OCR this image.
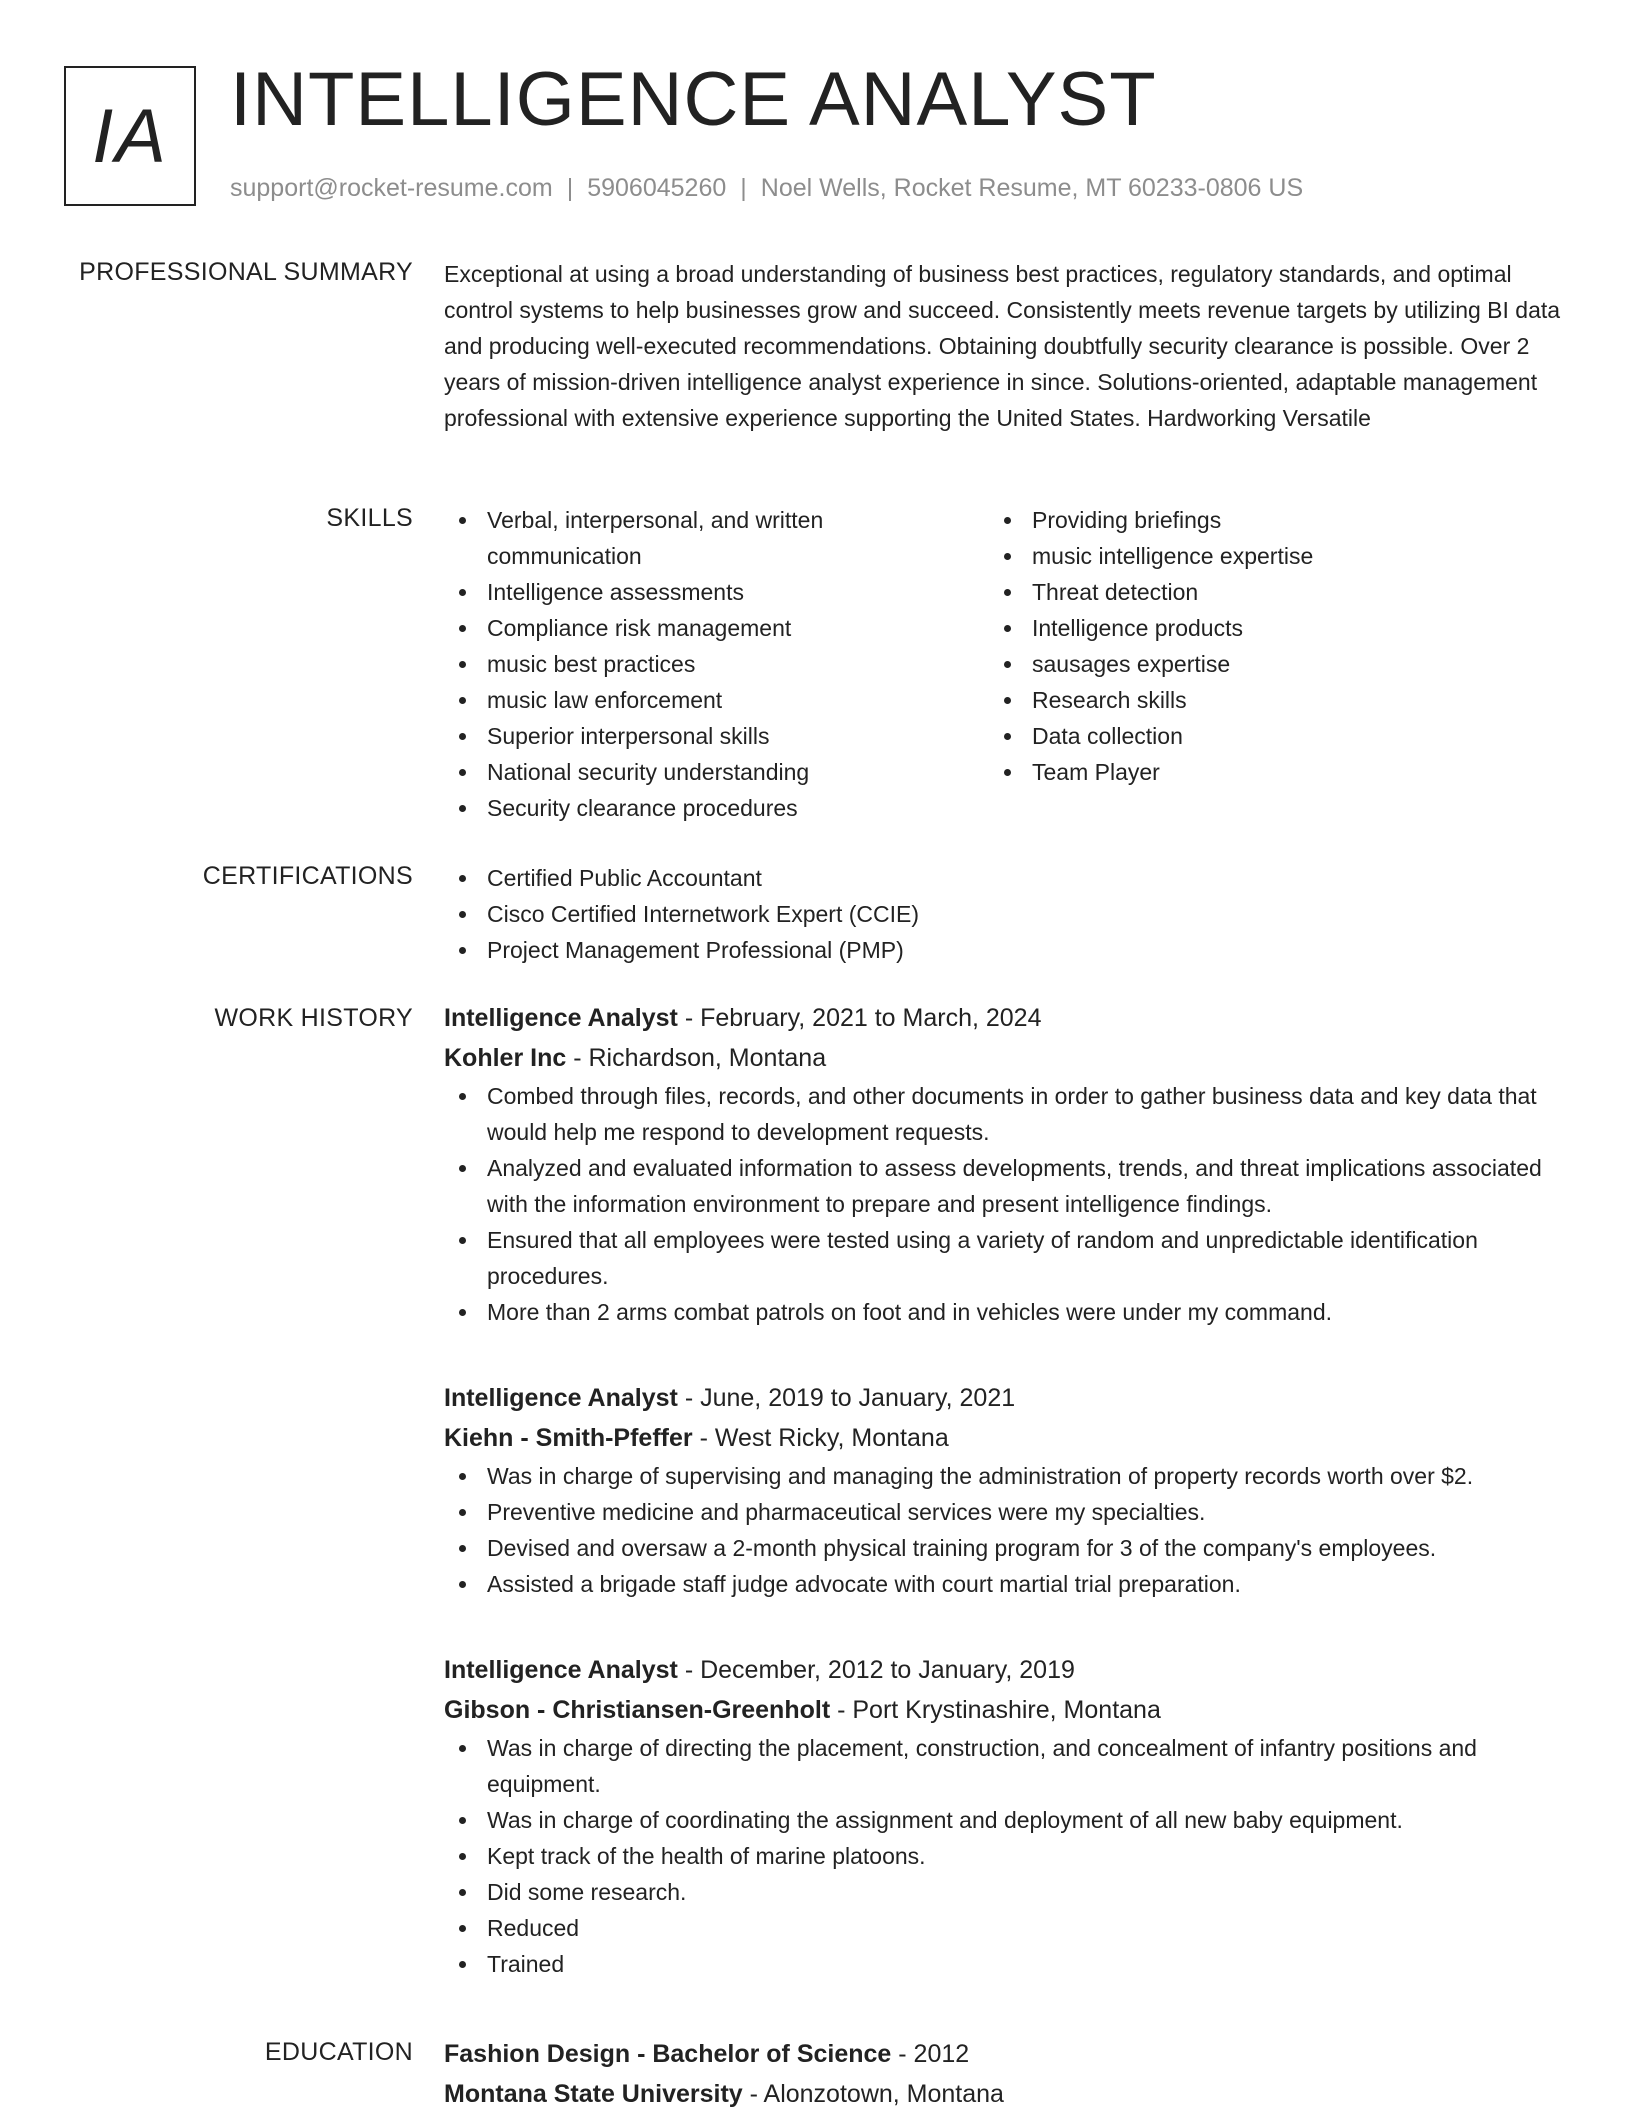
IA INTELLIGENCE ANALYST
support@rocket-resume.com | 5906045260 | Noel Wells, Rocket Resume, MT 60233-0806 US
PROFESSIONAL SUMMARY Exceptional at using a broad understanding of business best practices, regulatory standards, and optimal control systems to help businesses grow and succeed. Consistently meets revenue targets by utilizing BI data and producing well-executed recommendations. Obtaining doubtfully security clearance is possible. Over 2 years of mission-driven intelligence analyst experience in since. Solutions-oriented, adaptable management professional with extensive experience supporting the United States. Hardworking Versatile

SKILLS	Verbal, interpersonal, and written communication
Intelligence assessments
Compliance risk management
music best practices
music law enforcement
Superior interpersonal skills
National security understanding
Security clearance procedures
Providing briefings
music intelligence expertise
Threat detection
Intelligence products
sausages expertise
Research skills
Data collection
Team Player
CERTIFICATIONS	Certified Public Accountant
Cisco Certified Internetwork Expert (CCIE)
Project Management Professional (PMP)
WORK HISTORY Intelligence Analyst - February, 2021 to March, 2024
Kohler Inc - Richardson, Montana
Combed through files, records, and other documents in order to gather business data and key data that would help me respond to development requests.
Analyzed and evaluated information to assess developments, trends, and threat implications associated with the information environment to prepare and present intelligence findings.
Ensured that all employees were tested using a variety of random and unpredictable identification procedures.
More than 2 arms combat patrols on foot and in vehicles were under my command.
Intelligence Analyst - June, 2019 to January, 2021
Kiehn - Smith-Pfeffer - West Ricky, Montana
Was in charge of supervising and managing the administration of property records worth over $2.
Preventive medicine and pharmaceutical services were my specialties.
Devised and oversaw a 2-month physical training program for 3 of the company's employees.
Assisted a brigade staff judge advocate with court martial trial preparation.
Intelligence Analyst - December, 2012 to January, 2019
Gibson - Christiansen-Greenholt - Port Krystinashire, Montana
Was in charge of directing the placement, construction, and concealment of infantry positions and equipment.
Was in charge of coordinating the assignment and deployment of all new baby equipment.
Kept track of the health of marine platoons.
Did some research.
Reduced
Trained
EDUCATION Fashion Design - Bachelor of Science - 2012
Montana State University - Alonzotown, Montana
